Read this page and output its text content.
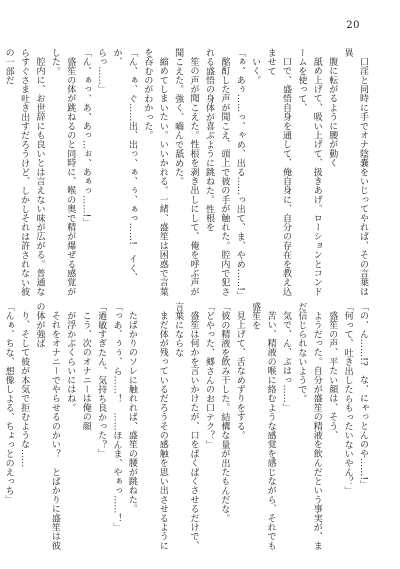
20

口淫と同時に手でオナ陰嚢をいじってやれば、その言葉は異

腹に転がるように腰が動く

舐め上げて、吸い上げて、扱きあげ。ローションとコンドームを使って、

口で、盛悟自身を通して、俺自身に、自分の存在を教え込ませて

いく。

「ぁ、あぅ……っ、ゃめ、出る……っ出て、ま、やめ……!」

酩酊した声が聞こえ、頭上で彼の手が触れた。腔内で犯される盛悟の身体が喜ぶように跳ねた。性根を

笙の声が聞こえた。性根を剥き出しにして、俺を呼ぶ声が聞こえた。強く、嚙んで舐めた。

縮めてしまいたい。いいかれる。一緒、盛笙は困惑で言葉を吞むのがわかった。

「ん、ぁ、ぐ……出、出っ、ぁ、ぅ、ぁっ……!　イく、か、

らっ……」

「ん、ぁっ、あ、あっ…ぉ、あぁっ……!」

盛笙の体が跳ねるのと同時に、喉の奥で精が爆ぜる感覚がした。

腔内に、お世辞にも良いとは言えない味が広がる。普通ならすぐさま吐き出すだろうけど、しかしそれは許されない彼の一部だ

「の、ん……!?　な、にゃっとんのや……!」

「何って、吐き出したらもったいないやん？」

盛笙の声、平たい顔は、そう、

ようだった。自分が盛笙の精液を飲んだという事実が、まだ信じられないようで。

気で、ん、ぷはっ……」

苦い、精液の喉に絡むような感覚を感じながら、それでも盛笙を

見上げて、舌なめずりをする。

「彼の精液を飲み干した。結構な量が出たもんだな。

「どやった、郷さんのお口テク？」

盛笙は何かを言いかけたが、口をぱくぱくさせるだけで、言葉にならな

まだ体が残っているだろうその感触を思い出させるように

たばかりのソレに触れれば、盛笙の腰が跳ねた。

「っあ、ぅぅ、ら……！　……ほんま、やぁっ……！」

「過敏すぎたん、気持ち良かった？」

こう、次のオナニーは俺の顔

が浮かぶくらいにはね。

それをオナニーでやらせるのかい？　とばかりに盛笙は彼の体が強ば

り、そして彼が本気で拒むような……

「んぁ、ちな、想像しよる、ちょっとのえっち」
